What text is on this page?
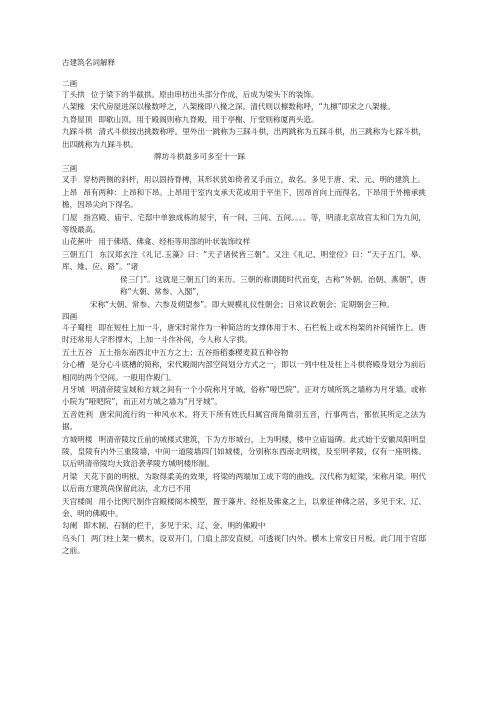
古建筑名词解释

二画

丁头拱 位于梁下的半截拱。原由串枋出头部分作成，后成为梁头下的装饰。

八架椽 宋代房屋进深以椽数呼之，八架椽即八椽之深。清代则以檩数称呼，“九檩”即宋之八架椽。

九脊屋顶 即歇山顶。用于殿阁则称九脊殿，用于亭榭、厅堂则称厦两头造。

九踩斗栱 清式斗栱按出挑数称呼。里外出一跳称为三踩斗栱，出两跳称为五踩斗栱，出三跳称为七踩斗栱，出四跳称为九踩斗栱。

牌坊斗栱最多可多至十一踩

三画

叉手 穿枋两侧的斜杆，用以固持脊槫，其形状犹如倚者叉手而立，故名。多见于唐、宋、元、明的建筑上。

上昂 昂有两种：上昂和下昂。上昂用于室内支承天花或用于平坐下，因昂首向上而得名。下昂用于外檐承挑檐，因昂尖向下得名。

门屋 指宫殿、庙宇、宅邸中单独成栋的屋宇，有一间、三间、五间。。。。等，明清北京故宫太和门为九间，等级最高。

山花蕉叶 用于佛塔、佛龛、经柜等用部的叶状装饰纹样

三朝五门 东汉郑玄注《礼记.玉藻》曰：“天子诸侯皆三朝”。又注《礼记、明堂位》曰：“天子五门，皋、库、雉、应、路”。“诸

侯三门”。这就是三朝五门的来历。三朝的称谓随时代而变，古称“外朝、治朝、燕朝”，唐称“大朝、常参、入閣”，

宋称“大朝、常参、六参及朔望参”。即大规模礼仪性朝会；日常议政朝会；定期朝会三种。

四画

斗子蜀柱 即在短柱上加一斗，唐宋时常作为一种简洁的支撑体用于木、石栏板上或木构架的补间铺作上。唐时还常用人字形撑木，上加一斗作补间，今人称人字拱。

五土五谷 五土指东南西北中五方之土；五谷指稻黍稷麦菽五种谷物

分心槽 是分心斗底槽的简称，宋代殿阁内部空间划分方式之一，即以一列中柱及柱上斗栱将殿身划分为前后相同的两个空间。一般用作殿门。

月牙城 明清帝陵宝城和方城之间有一个小院称月牙城，俗称“哑巴院”。正对方城所筑之墙称为月牙墙。或称小院为“哑吧院”，而正对方城之墙为“月牙城”。

五音姓利 唐宋间流行的一种风水术。将天下所有姓氏归属宫商角徵羽五音，行事两吉，都依其所定之法为据。

方城明楼 明清帝陵坟丘前的城楼式建筑，下为方形城台，上为明楼，楼中立庙谥碑。此式始于安徽凤阳明皇陵，皇陵有内外三重陵墙，中间一道陵墙四门如城楼，分别称东西南北明楼，及至明孝陵，仅有一座明楼。以后明清帝陵均大致沿袭孝陵方城明楼形制。

月梁 天花下面的明栿。为取得柔美的效果，将梁的两端加工成下弯的曲线。汉代称为虹梁，宋称月梁。明代以后南方建筑尚保留此法，北方已不用

天宫楼阁 用小比例尺制作宫殿楼阁木模型，置于藻井、经柜及佛龛之上，以象征神佛之居，多见于宋、辽、金、明的佛殿中。

勾阑 即木制、石制的栏干，多见于宋、辽、金、明的佛殿中

乌头门 两门柱上架一横木，设双开门，门扇上部安直棂，可透视门内外。横木上常安日月板。此门用于官邸之前。
